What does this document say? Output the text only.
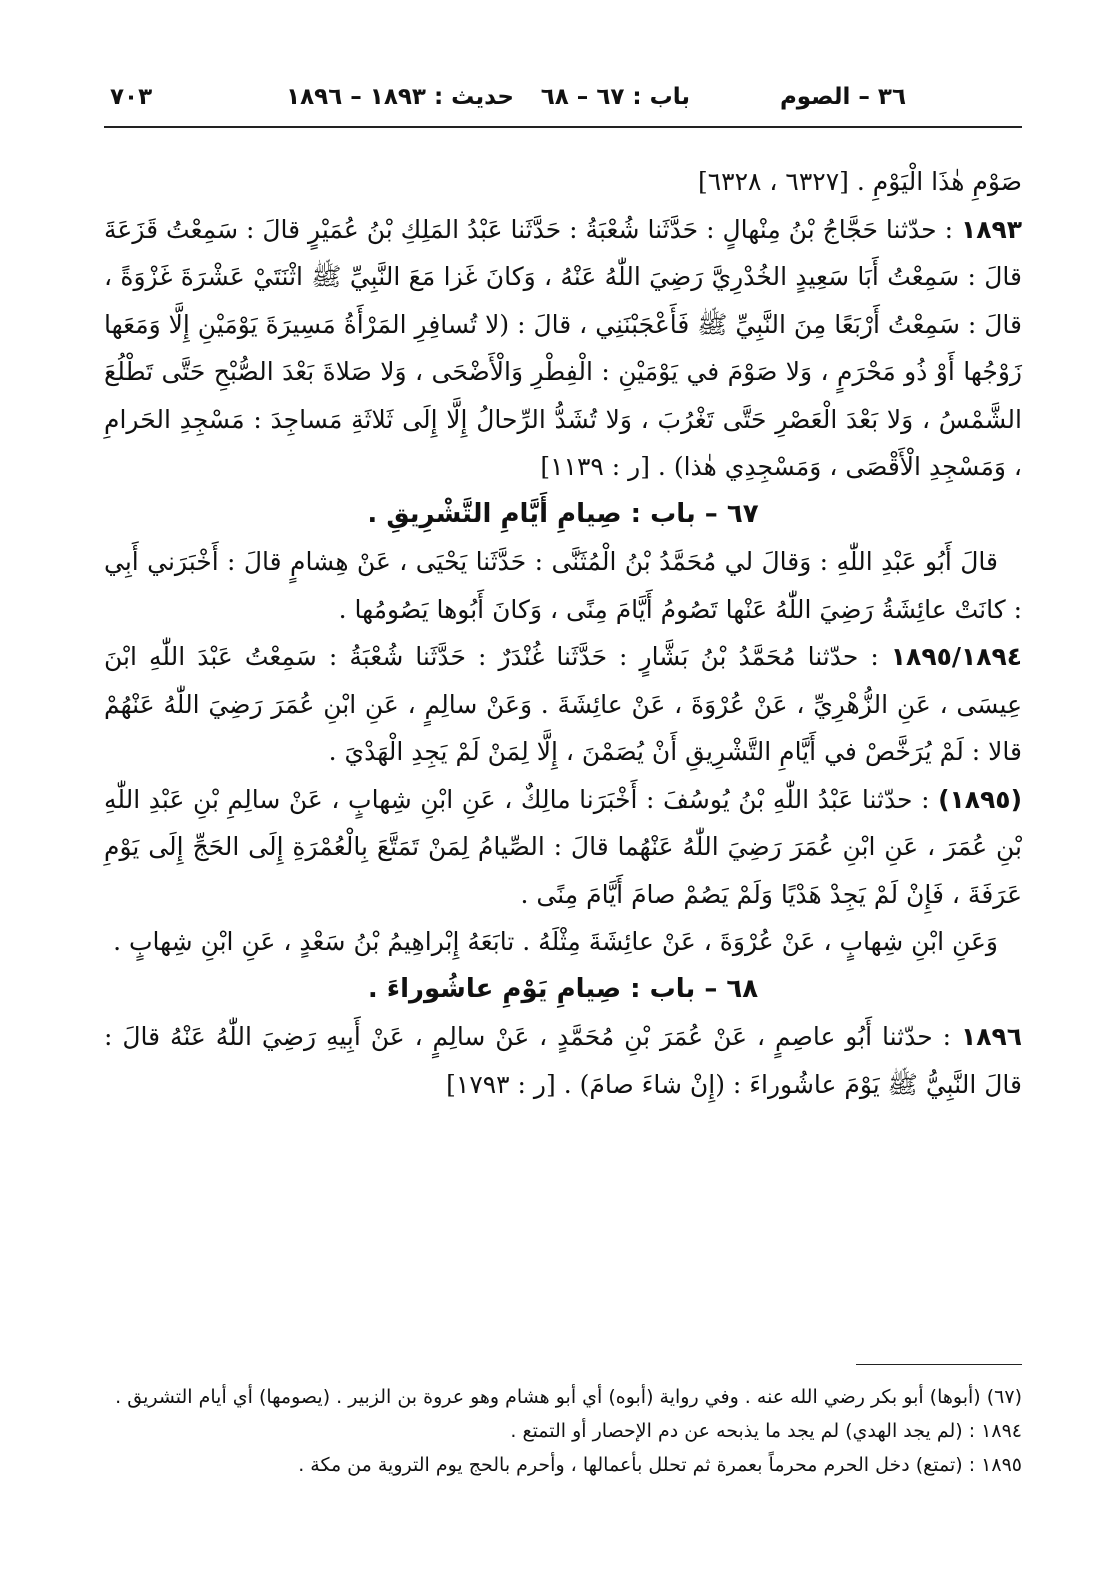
٣٦ – الصوم
باب : ٦٧ – ٦٨
حديث : ١٨٩٣ – ١٨٩٦
٧٠٣

صَوْمِ هٰذَا الْيَوْمِ . [٦٣٢٧ ، ٦٣٢٨]

١٨٩٣ : حدّثنا حَجَّاجُ بْنُ مِنْهالٍ : حَدَّثَنا شُعْبَةُ : حَدَّثَنا عَبْدُ المَلِكِ بْنُ عُمَيْرٍ قالَ : سَمِعْتُ قَزَعَةَ قالَ : سَمِعْتُ أَبَا سَعِيدٍ الخُدْرِيَّ رَضِيَ اللّٰهُ عَنْهُ ، وَكانَ غَزا مَعَ النَّبِيِّ ﷺ اثْنَتَيْ عَشْرَةَ غَزْوَةً ، قالَ : سَمِعْتُ أَرْبَعًا مِنَ النَّبِيِّ ﷺ فَأَعْجَبْنَنِي ، قالَ : (لا تُسافِرِ المَرْأَةُ مَسِيرَةَ يَوْمَيْنِ إِلَّا وَمَعَها زَوْجُها أَوْ ذُو مَحْرَمٍ ، وَلا صَوْمَ في يَوْمَيْنِ : الْفِطْرِ وَالْأَضْحَى ، وَلا صَلاةَ بَعْدَ الصُّبْحِ حَتَّى تَطْلُعَ الشَّمْسُ ، وَلا بَعْدَ الْعَصْرِ حَتَّى تَغْرُبَ ، وَلا تُشَدُّ الرِّحالُ إِلَّا إِلَى ثَلاثَةِ مَساجِدَ : مَسْجِدِ الحَرامِ ، وَمَسْجِدِ الْأَقْصَى ، وَمَسْجِدِي هٰذا) . [ر : ١١٣٩]

٦٧ – باب : صِيامِ أَيَّامِ التَّشْرِيقِ .

قالَ أَبُو عَبْدِ اللّٰهِ : وَقالَ لي مُحَمَّدُ بْنُ الْمُثَنَّى : حَدَّثَنا يَحْيَى ، عَنْ هِشامٍ قالَ : أَخْبَرَني أَبِي : كانَتْ عائِشَةُ رَضِيَ اللّٰهُ عَنْها تَصُومُ أَيَّامَ مِنًى ، وَكانَ أَبُوها يَصُومُها .

١٨٩٥/١٨٩٤ : حدّثنا مُحَمَّدُ بْنُ بَشَّارٍ : حَدَّثَنا غُنْدَرٌ : حَدَّثَنا شُعْبَةُ : سَمِعْتُ عَبْدَ اللّٰهِ ابْنَ عِيسَى ، عَنِ الزُّهْرِيِّ ، عَنْ عُرْوَةَ ، عَنْ عائِشَةَ . وَعَنْ سالِمٍ ، عَنِ ابْنِ عُمَرَ رَضِيَ اللّٰهُ عَنْهُمْ قالا : لَمْ يُرَخَّصْ في أَيَّامِ التَّشْرِيقِ أَنْ يُصَمْنَ ، إِلَّا لِمَنْ لَمْ يَجِدِ الْهَدْيَ .

(١٨٩٥) : حدّثنا عَبْدُ اللّٰهِ بْنُ يُوسُفَ : أَخْبَرَنا مالِكٌ ، عَنِ ابْنِ شِهابٍ ، عَنْ سالِمِ بْنِ عَبْدِ اللّٰهِ بْنِ عُمَرَ ، عَنِ ابْنِ عُمَرَ رَضِيَ اللّٰهُ عَنْهُما قالَ : الصِّيامُ لِمَنْ تَمَتَّعَ بِالْعُمْرَةِ إِلَى الحَجِّ إِلَى يَوْمِ عَرَفَةَ ، فَإِنْ لَمْ يَجِدْ هَدْيًا وَلَمْ يَصُمْ صامَ أَيَّامَ مِنًى .

وَعَنِ ابْنِ شِهابٍ ، عَنْ عُرْوَةَ ، عَنْ عائِشَةَ مِثْلَهُ . تابَعَهُ إِبْراهِيمُ بْنُ سَعْدٍ ، عَنِ ابْنِ شِهابٍ .

٦٨ – باب : صِيامِ يَوْمِ عاشُوراءَ .

١٨٩٦ : حدّثنا أَبُو عاصِمٍ ، عَنْ عُمَرَ بْنِ مُحَمَّدٍ ، عَنْ سالِمٍ ، عَنْ أَبِيهِ رَضِيَ اللّٰهُ عَنْهُ قالَ : قالَ النَّبِيُّ ﷺ يَوْمَ عاشُوراءَ : (إِنْ شاءَ صامَ) . [ر : ١٧٩٣]

(٦٧) (أبوها) أبو بكر رضي الله عنه . وفي رواية (أبوه) أي أبو هشام وهو عروة بن الزبير . (يصومها) أي أيام التشريق .

١٨٩٤ : (لم يجد الهدي) لم يجد ما يذبحه عن دم الإحصار أو التمتع .

١٨٩٥ : (تمتع) دخل الحرم محرماً بعمرة ثم تحلل بأعمالها ، وأحرم بالحج يوم التروية من مكة .
